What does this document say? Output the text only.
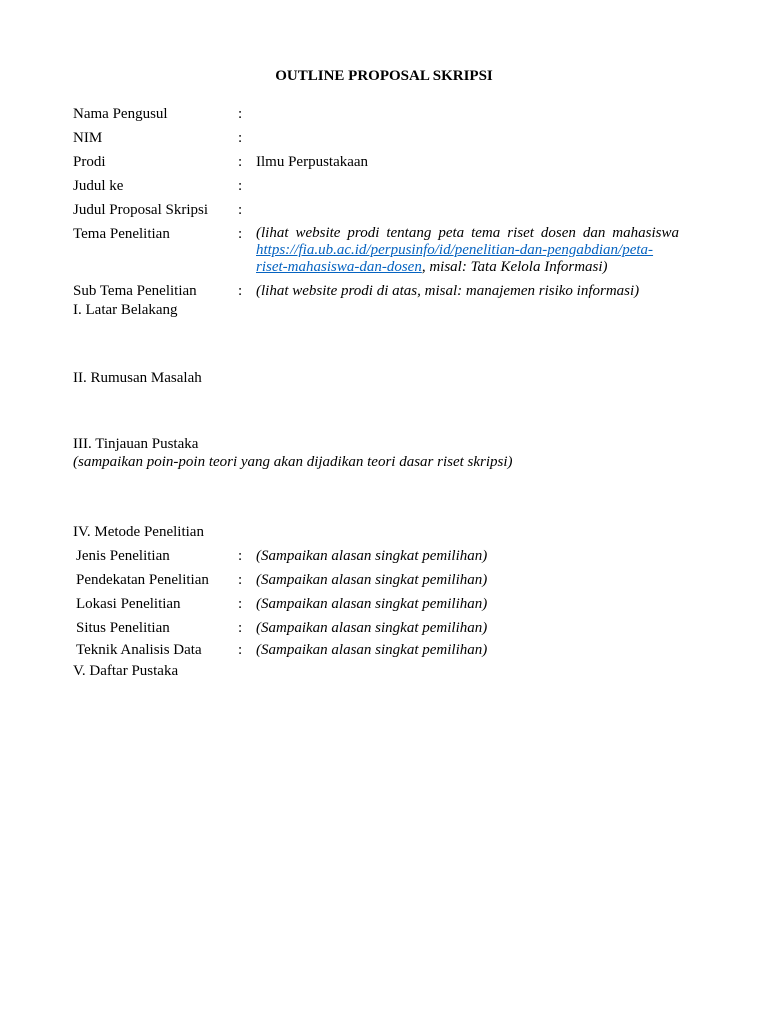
OUTLINE PROPOSAL SKRIPSI
Nama Pengusul	:
NIM	:
Prodi	: Ilmu Perpustakaan
Judul ke	:
Judul Proposal Skripsi :
Tema Penelitian	: (lihat website prodi tentang peta tema riset dosen dan mahasiswa
https://fia.ub.ac.id/perpusinfo/id/penelitian-dan-pengabdian/peta-
riset-mahasiswa-dan-dosen, misal: Tata Kelola Informasi)
Sub Tema Penelitian	: (lihat website prodi di atas, misal: manajemen risiko informasi)
I. Latar Belakang
II. Rumusan Masalah
III. Tinjauan Pustaka
(sampaikan poin-poin teori yang akan dijadikan teori dasar riset skripsi)
IV. Metode Penelitian
Jenis Penelitian	: (Sampaikan alasan singkat pemilihan)
Pendekatan Penelitian : (Sampaikan alasan singkat pemilihan)
Lokasi Penelitian	: (Sampaikan alasan singkat pemilihan)
Situs Penelitian	: (Sampaikan alasan singkat pemilihan)
Teknik Analisis Data : (Sampaikan alasan singkat pemilihan)
V. Daftar Pustaka
